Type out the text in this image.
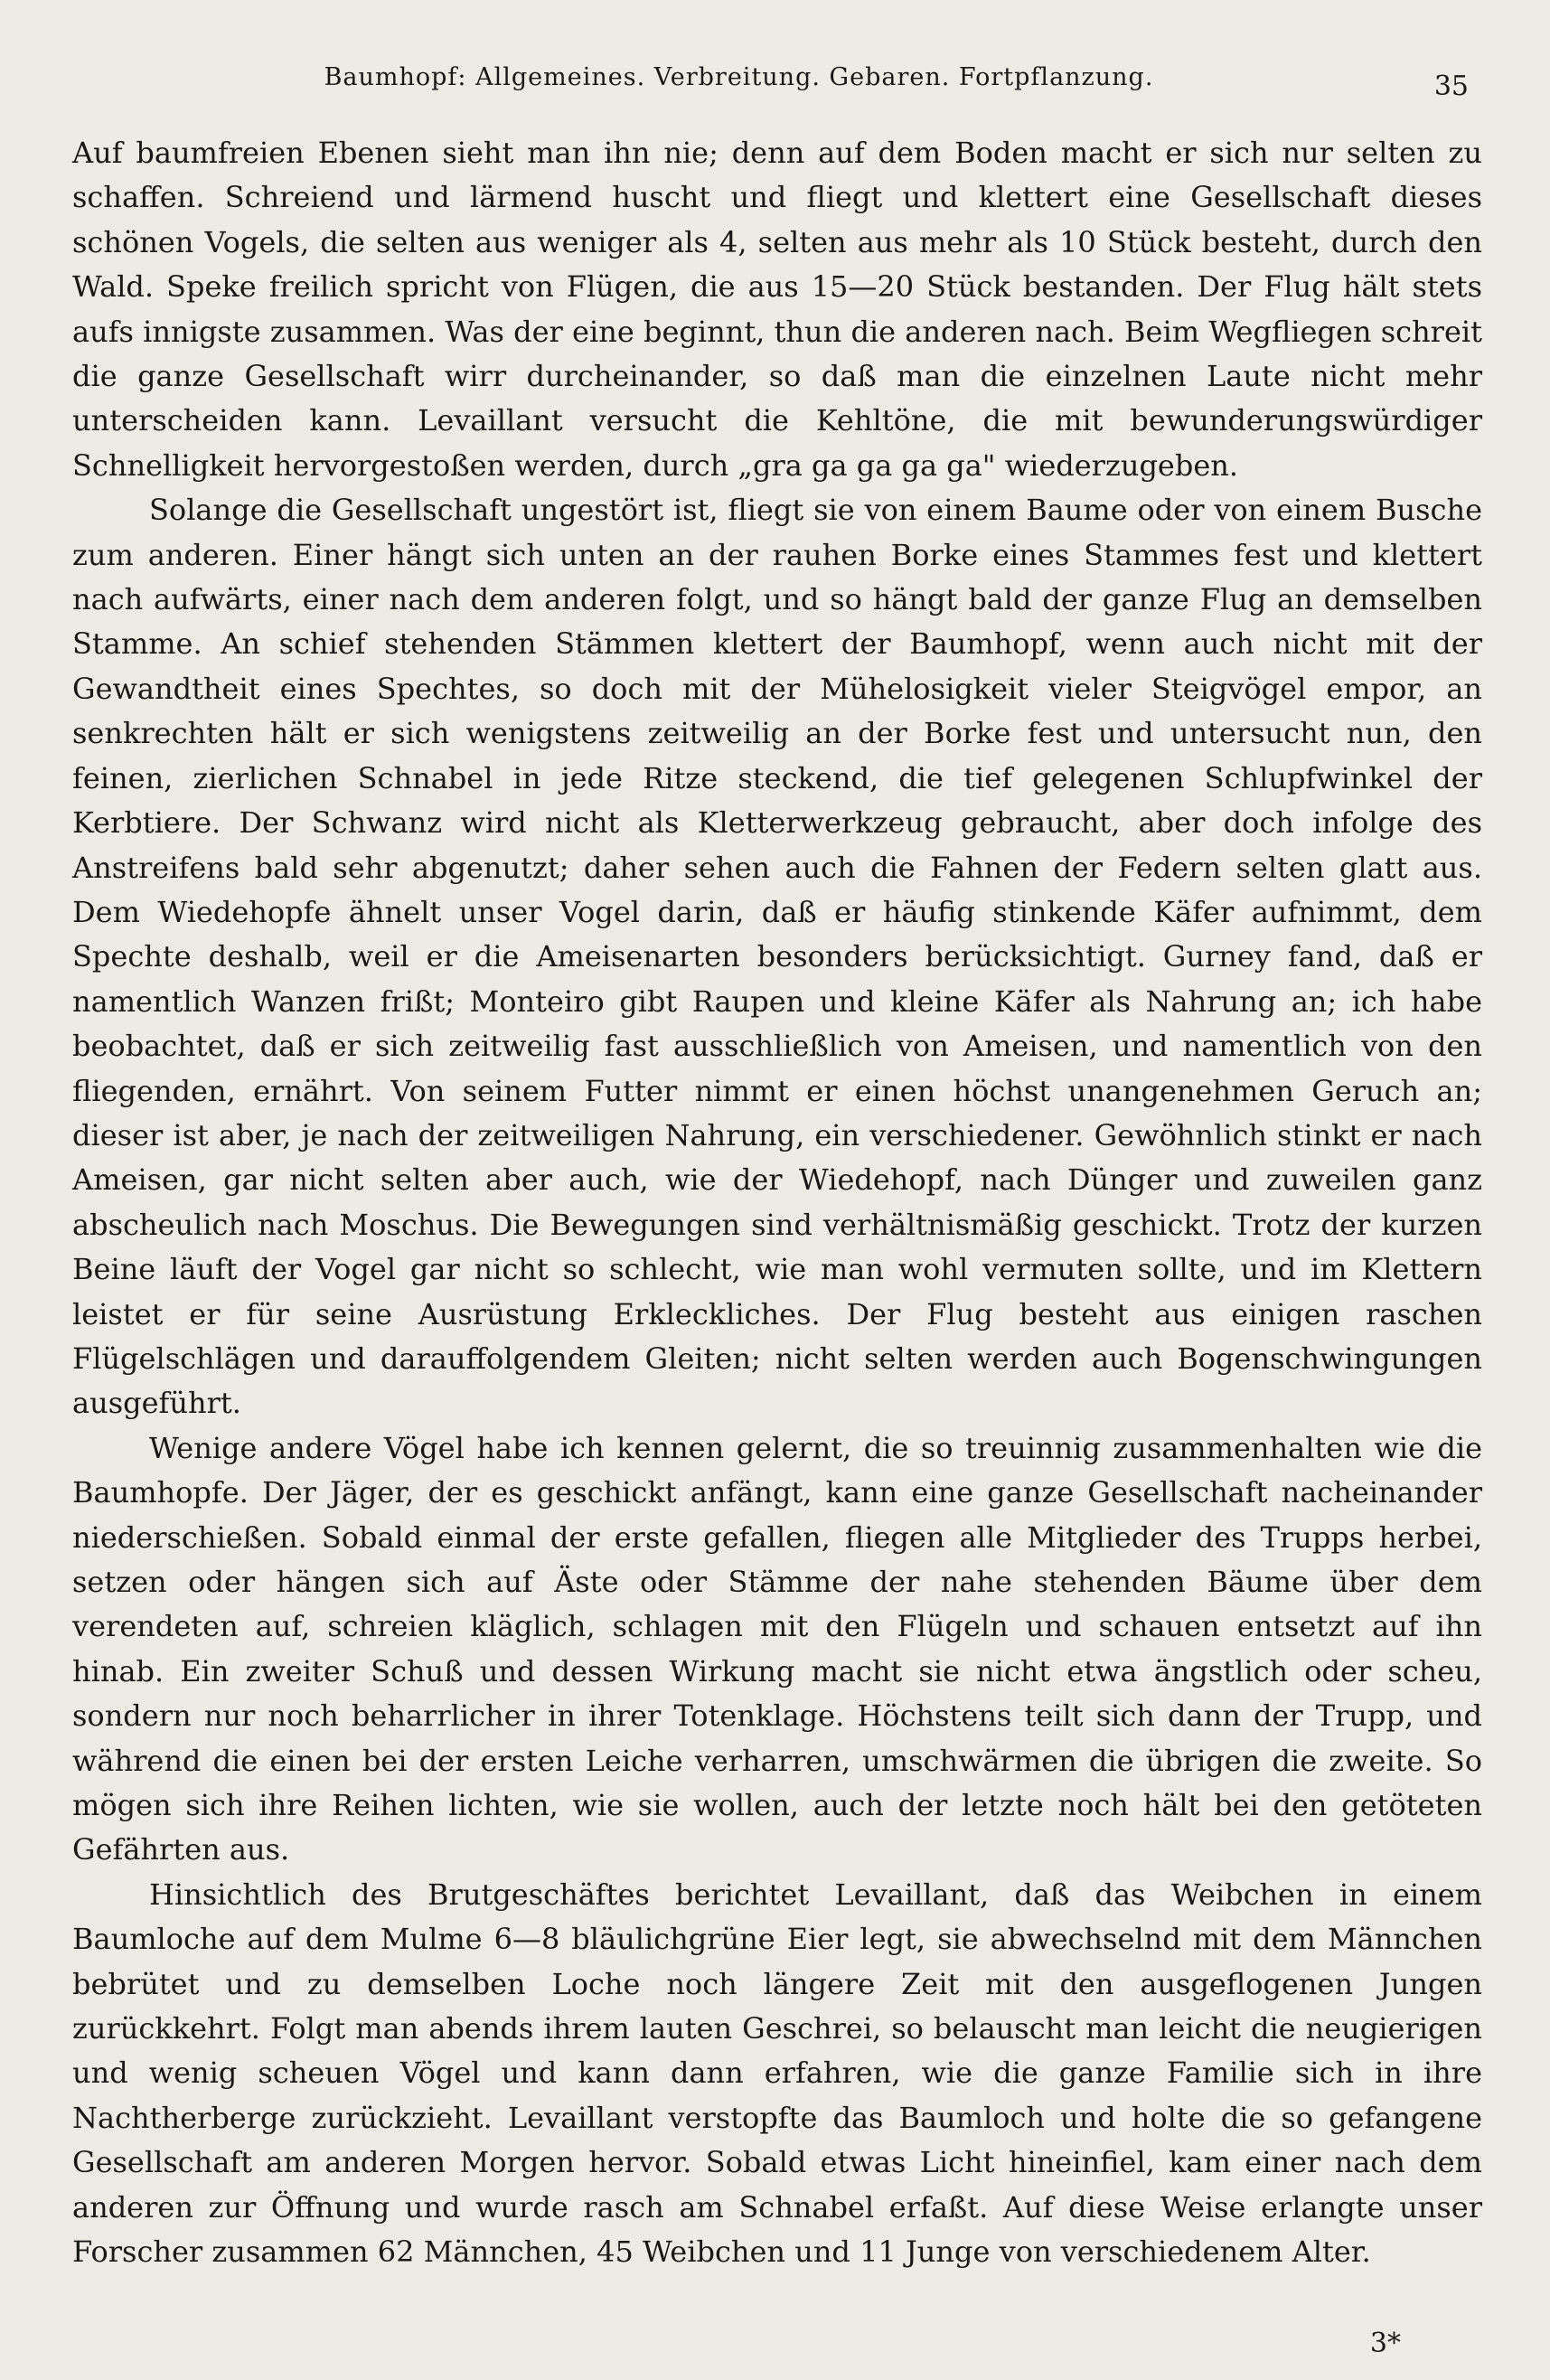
Baumhopf: Allgemeines. Verbreitung. Gebaren. Fortpflanzung.	35

Auf baumfreien Ebenen sieht man ihn nie; denn auf dem Boden macht er sich nur selten zu schaffen. Schreiend und lärmend huscht und fliegt und klettert eine Gesellschaft dieses schönen Vogels, die selten aus weniger als 4, selten aus mehr als 10 Stück besteht, durch den Wald. Speke freilich spricht von Flügen, die aus 15—20 Stück bestanden. Der Flug hält stets aufs innigste zusammen. Was der eine beginnt, thun die anderen nach. Beim Wegfliegen schreit die ganze Gesellschaft wirr durcheinander, so daß man die einzelnen Laute nicht mehr unterscheiden kann. Levaillant versucht die Kehltöne, die mit bewunderungswürdiger Schnelligkeit hervorgestoßen werden, durch „gra ga ga ga ga" wiederzugeben.

Solange die Gesellschaft ungestört ist, fliegt sie von einem Baume oder von einem Busche zum anderen. Einer hängt sich unten an der rauhen Borke eines Stammes fest und klettert nach aufwärts, einer nach dem anderen folgt, und so hängt bald der ganze Flug an demselben Stamme. An schief stehenden Stämmen klettert der Baumhopf, wenn auch nicht mit der Gewandtheit eines Spechtes, so doch mit der Mühelosigkeit vieler Steigvögel empor, an senkrechten hält er sich wenigstens zeitweilig an der Borke fest und untersucht nun, den feinen, zierlichen Schnabel in jede Ritze steckend, die tief gelegenen Schlupfwinkel der Kerbtiere. Der Schwanz wird nicht als Kletterwerkzeug gebraucht, aber doch infolge des Anstreifens bald sehr abgenutzt; daher sehen auch die Fahnen der Federn selten glatt aus. Dem Wiedehopfe ähnelt unser Vogel darin, daß er häufig stinkende Käfer aufnimmt, dem Spechte deshalb, weil er die Ameisenarten besonders berücksichtigt. Gurney fand, daß er namentlich Wanzen frißt; Monteiro gibt Raupen und kleine Käfer als Nahrung an; ich habe beobachtet, daß er sich zeitweilig fast ausschließlich von Ameisen, und namentlich von den fliegenden, ernährt. Von seinem Futter nimmt er einen höchst unangenehmen Geruch an; dieser ist aber, je nach der zeitweiligen Nahrung, ein verschiedener. Gewöhnlich stinkt er nach Ameisen, gar nicht selten aber auch, wie der Wiedehopf, nach Dünger und zuweilen ganz abscheulich nach Moschus. Die Bewegungen sind verhältnismäßig geschickt. Trotz der kurzen Beine läuft der Vogel gar nicht so schlecht, wie man wohl vermuten sollte, und im Klettern leistet er für seine Ausrüstung Erkleckliches. Der Flug besteht aus einigen raschen Flügelschlägen und darauffolgendem Gleiten; nicht selten werden auch Bogenschwingungen ausgeführt.

Wenige andere Vögel habe ich kennen gelernt, die so treuinnig zusammenhalten wie die Baumhopfe. Der Jäger, der es geschickt anfängt, kann eine ganze Gesellschaft nacheinander niederschießen. Sobald einmal der erste gefallen, fliegen alle Mitglieder des Trupps herbei, setzen oder hängen sich auf Äste oder Stämme der nahe stehenden Bäume über dem verendeten auf, schreien kläglich, schlagen mit den Flügeln und schauen entsetzt auf ihn hinab. Ein zweiter Schuß und dessen Wirkung macht sie nicht etwa ängstlich oder scheu, sondern nur noch beharrlicher in ihrer Totenklage. Höchstens teilt sich dann der Trupp, und während die einen bei der ersten Leiche verharren, umschwärmen die übrigen die zweite. So mögen sich ihre Reihen lichten, wie sie wollen, auch der letzte noch hält bei den getöteten Gefährten aus.

Hinsichtlich des Brutgeschäftes berichtet Levaillant, daß das Weibchen in einem Baumloche auf dem Mulme 6—8 bläulichgrüne Eier legt, sie abwechselnd mit dem Männchen bebrütet und zu demselben Loche noch längere Zeit mit den ausgeflogenen Jungen zurückkehrt. Folgt man abends ihrem lauten Geschrei, so belauscht man leicht die neugierigen und wenig scheuen Vögel und kann dann erfahren, wie die ganze Familie sich in ihre Nachtherberge zurückzieht. Levaillant verstopfte das Baumloch und holte die so gefangene Gesellschaft am anderen Morgen hervor. Sobald etwas Licht hineinfiel, kam einer nach dem anderen zur Öffnung und wurde rasch am Schnabel erfaßt. Auf diese Weise erlangte unser Forscher zusammen 62 Männchen, 45 Weibchen und 11 Junge von verschiedenem Alter.

3*
